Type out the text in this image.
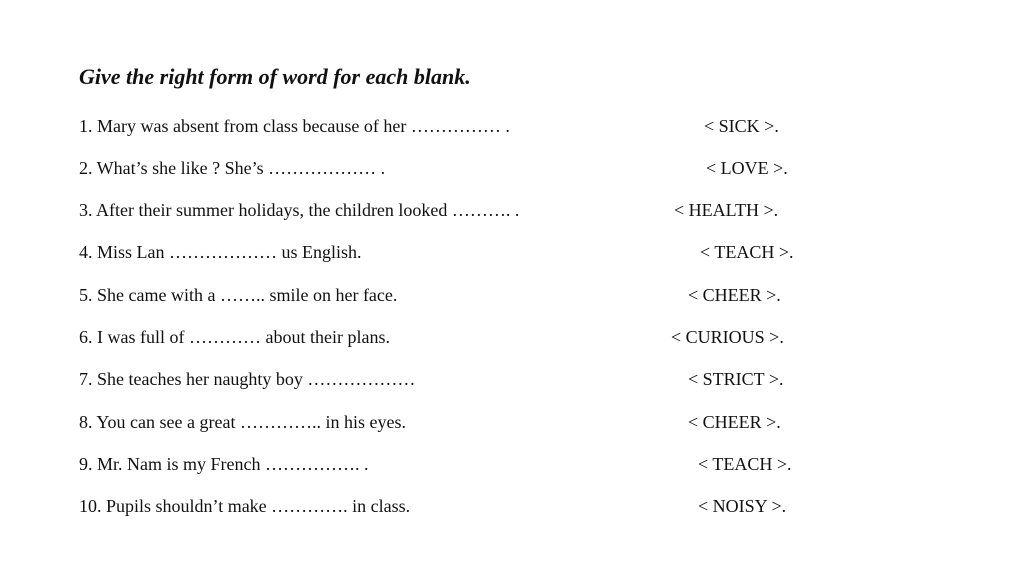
Give the right form of word for each blank.
1. Mary was absent from class because of her …………… .	< SICK >.
2. What’s she like ? She’s ……………… .	< LOVE >.
3. After their summer holidays, the children looked ………. .	< HEALTH >.
4. Miss Lan ……………… us English.	< TEACH >.
5. She came with a …….. smile on her face.	< CHEER >.
6. I was full of ………… about their plans.	< CURIOUS >.
7. She teaches her naughty boy ………………	< STRICT >.
8. You can see a great ………….. in his eyes.	< CHEER >.
9. Mr. Nam is my French ……………. .	< TEACH >.
10. Pupils shouldn’t make …………. in class.	< NOISY >.
